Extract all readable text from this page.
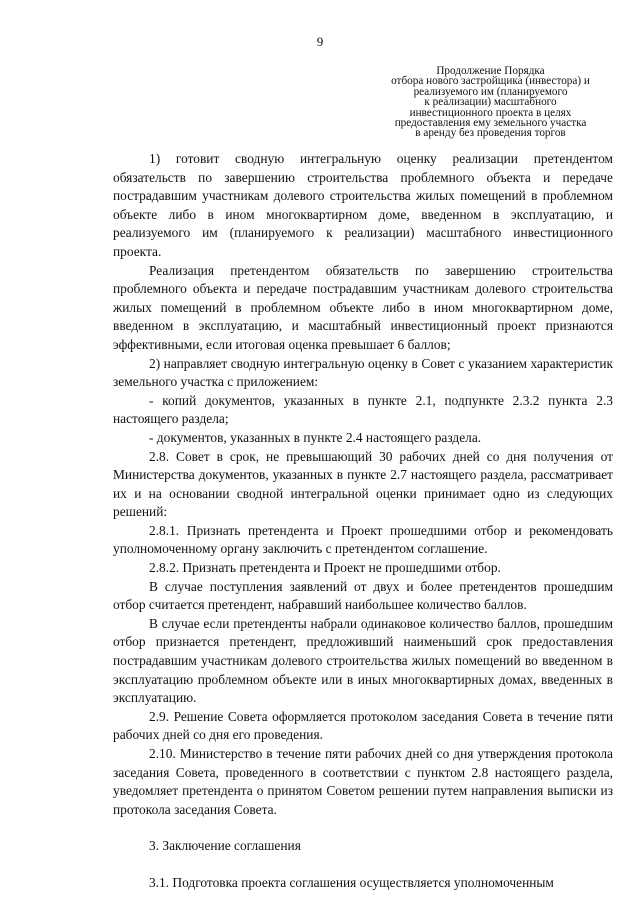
9
Продолжение Порядка
отбора нового застройщика (инвестора) и
реализуемого им (планируемого
к реализации) масштабного
инвестиционного проекта в целях
предоставления ему земельного участка
в аренду без проведения торгов

1) готовит сводную интегральную оценку реализации претендентом обязательств по завершению строительства проблемного объекта и передаче пострадавшим участникам долевого строительства жилых помещений в проблемном объекте либо в ином многоквартирном доме, введенном в эксплуатацию, и реализуемого им (планируемого к реализации) масштабного инвестиционного проекта.

Реализация претендентом обязательств по завершению строительства проблемного объекта и передаче пострадавшим участникам долевого строительства жилых помещений в проблемном объекте либо в ином многоквартирном доме, введенном в эксплуатацию, и масштабный инвестиционный проект признаются эффективными, если итоговая оценка превышает 6 баллов;

2) направляет сводную интегральную оценку в Совет с указанием характеристик земельного участка с приложением:

- копий документов, указанных в пункте 2.1, подпункте 2.3.2 пункта 2.3 настоящего раздела;

- документов, указанных в пункте 2.4 настоящего раздела.

2.8. Совет в срок, не превышающий 30 рабочих дней со дня получения от Министерства документов, указанных в пункте 2.7 настоящего раздела, рассматривает их и на основании сводной интегральной оценки принимает одно из следующих решений:

2.8.1. Признать претендента и Проект прошедшими отбор и рекомендовать уполномоченному органу заключить с претендентом соглашение.

2.8.2. Признать претендента и Проект не прошедшими отбор.

В случае поступления заявлений от двух и более претендентов прошедшим отбор считается претендент, набравший наибольшее количество баллов.

В случае если претенденты набрали одинаковое количество баллов, прошедшим отбор признается претендент, предложивший наименьший срок предоставления пострадавшим участникам долевого строительства жилых помещений во введенном в эксплуатацию проблемном объекте или в иных многоквартирных домах, введенных в эксплуатацию.

2.9. Решение Совета оформляется протоколом заседания Совета в течение пяти рабочих дней со дня его проведения.

2.10. Министерство в течение пяти рабочих дней со дня утверждения протокола заседания Совета, проведенного в соответствии с пунктом 2.8 настоящего раздела, уведомляет претендента о принятом Советом решении путем направления выписки из протокола заседания Совета.

3. Заключение соглашения

3.1. Подготовка проекта соглашения осуществляется уполномоченным
